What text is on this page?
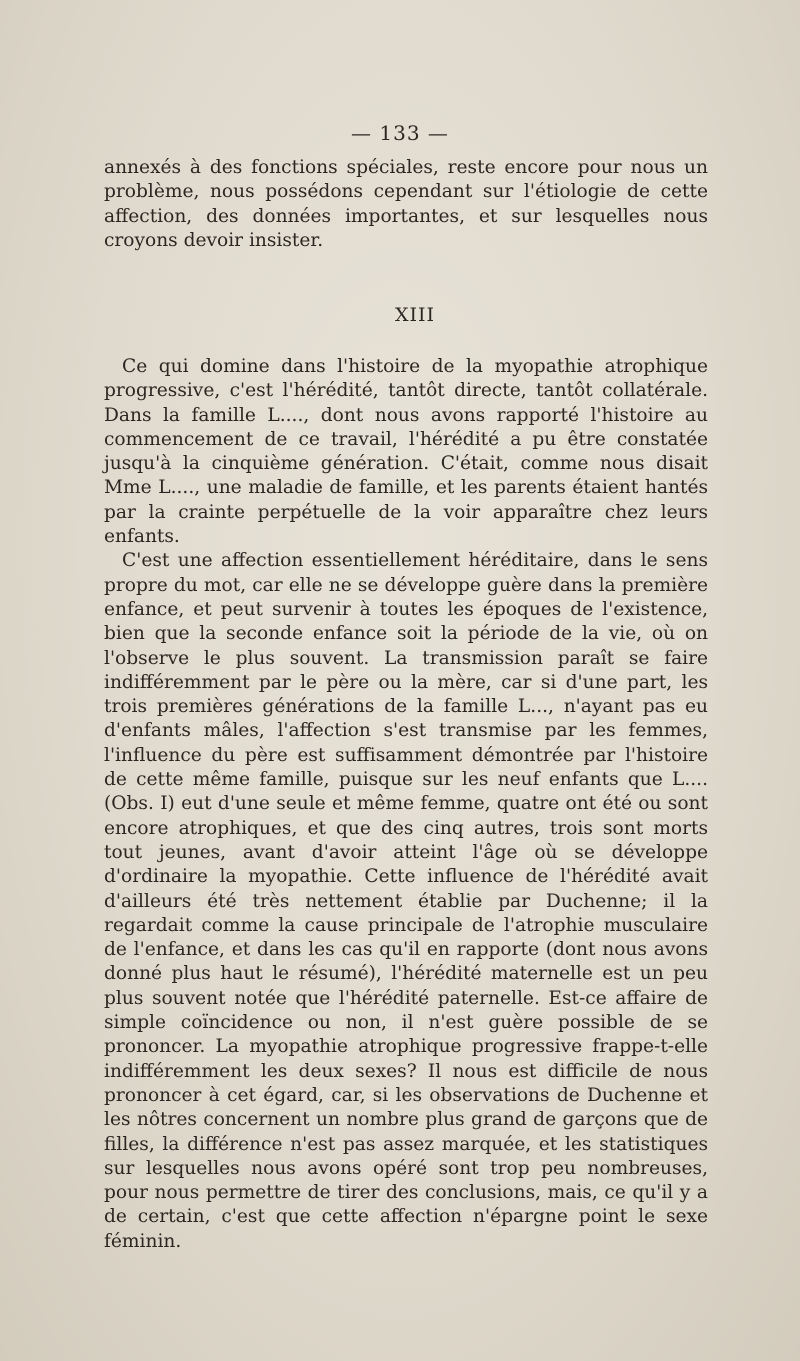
— 133 —

annexés à des fonctions spéciales, reste encore pour nous un problème, nous possédons cependant sur l'étiologie de cette affection, des données importantes, et sur lesquelles nous croyons devoir insister.

XIII

Ce qui domine dans l'histoire de la myopathie atrophique progressive, c'est l'hérédité, tantôt directe, tantôt collatérale. Dans la famille L...., dont nous avons rapporté l'histoire au commencement de ce travail, l'hérédité a pu être constatée jusqu'à la cinquième génération. C'était, comme nous disait Mme L...., une maladie de famille, et les parents étaient hantés par la crainte perpétuelle de la voir apparaître chez leurs enfants.

C'est une affection essentiellement héréditaire, dans le sens propre du mot, car elle ne se développe guère dans la première enfance, et peut survenir à toutes les époques de l'existence, bien que la seconde enfance soit la période de la vie, où on l'observe le plus souvent. La transmission paraît se faire indifféremment par le père ou la mère, car si d'une part, les trois premières générations de la famille L..., n'ayant pas eu d'enfants mâles, l'affection s'est transmise par les femmes, l'influence du père est suffisamment démontrée par l'histoire de cette même famille, puisque sur les neuf enfants que L.... (Obs. I) eut d'une seule et même femme, quatre ont été ou sont encore atrophiques, et que des cinq autres, trois sont morts tout jeunes, avant d'avoir atteint l'âge où se développe d'ordinaire la myopathie. Cette influence de l'hérédité avait d'ailleurs été très nettement établie par Duchenne; il la regardait comme la cause principale de l'atrophie musculaire de l'enfance, et dans les cas qu'il en rapporte (dont nous avons donné plus haut le résumé), l'hérédité maternelle est un peu plus souvent notée que l'hérédité paternelle. Est-ce affaire de simple coïncidence ou non, il n'est guère possible de se prononcer. La myopathie atrophique progressive frappe-t-elle indifféremment les deux sexes? Il nous est difficile de nous prononcer à cet égard, car, si les observations de Duchenne et les nôtres concernent un nombre plus grand de garçons que de filles, la différence n'est pas assez marquée, et les statistiques sur lesquelles nous avons opéré sont trop peu nombreuses, pour nous permettre de tirer des conclusions, mais, ce qu'il y a de certain, c'est que cette affection n'épargne point le sexe féminin.
